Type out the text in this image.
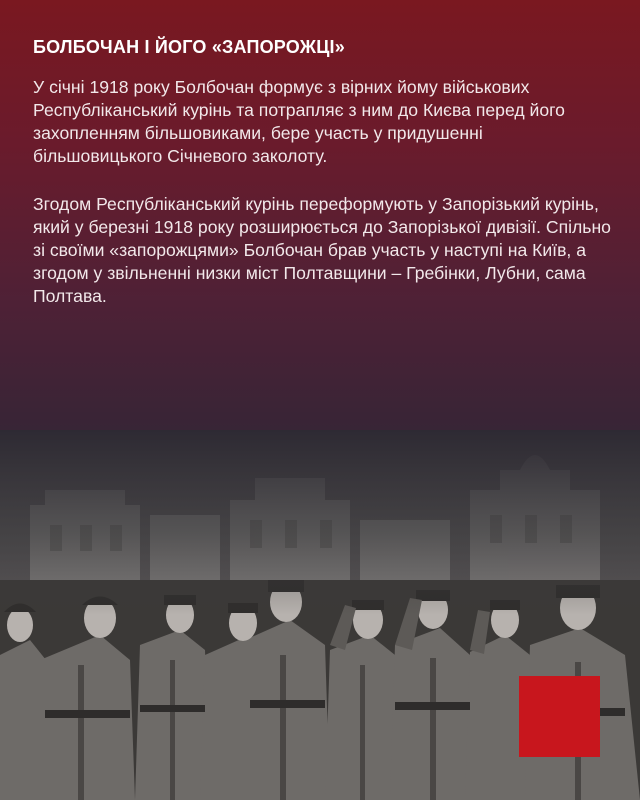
БОЛБОЧАН І ЙОГО «ЗАПОРОЖЦІ»

У січні 1918 року Болбочан формує з вірних йому військових Республіканський курінь та потрапляє з ним до Києва перед його захопленням більшовиками, бере участь у придушенні більшовицького Січневого заколоту.

Згодом Республіканський курінь переформують у Запорізький курінь, який у березні 1918 року розширюється до Запорізької дивізії. Спільно зі своїми «запорожцями» Болбочан брав участь у наступі на Київ, а згодом у звільненні низки міст Полтавщини – Гребінки, Лубни, сама Полтава.
